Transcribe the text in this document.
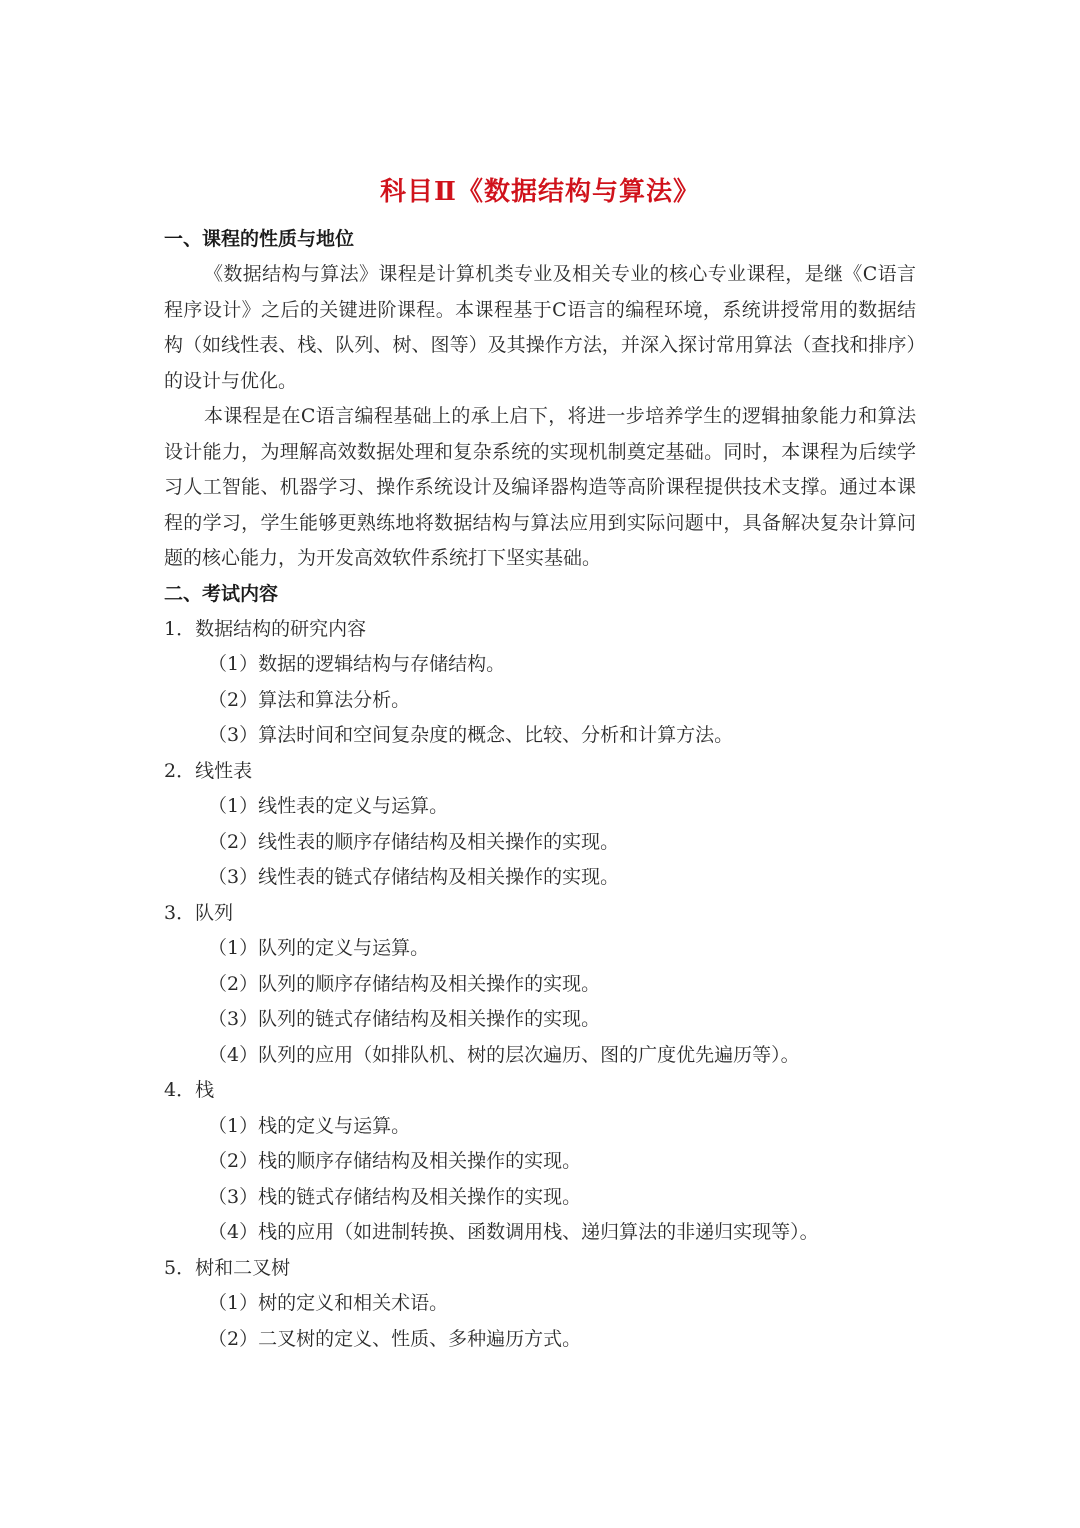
科目Ⅱ《数据结构与算法》
一、课程的性质与地位

《数据结构与算法》课程是计算机类专业及相关专业的核心专业课程，是继《C语言程序设计》之后的关键进阶课程。本课程基于C语言的编程环境，系统讲授常用的数据结构（如线性表、栈、队列、树、图等）及其操作方法，并深入探讨常用算法（查找和排序）的设计与优化。

本课程是在C语言编程基础上的承上启下，将进一步培养学生的逻辑抽象能力和算法设计能力，为理解高效数据处理和复杂系统的实现机制奠定基础。同时，本课程为后续学习人工智能、机器学习、操作系统设计及编译器构造等高阶课程提供技术支撑。通过本课程的学习，学生能够更熟练地将数据结构与算法应用到实际问题中，具备解决复杂计算问题的核心能力，为开发高效软件系统打下坚实基础。

二、考试内容
1．数据结构的研究内容
（1）数据的逻辑结构与存储结构。
（2）算法和算法分析。
（3）算法时间和空间复杂度的概念、比较、分析和计算方法。
2．线性表
（1）线性表的定义与运算。
（2）线性表的顺序存储结构及相关操作的实现。
（3）线性表的链式存储结构及相关操作的实现。
3．队列
（1）队列的定义与运算。
（2）队列的顺序存储结构及相关操作的实现。
（3）队列的链式存储结构及相关操作的实现。
（4）队列的应用（如排队机、树的层次遍历、图的广度优先遍历等）。
4．栈
（1）栈的定义与运算。
（2）栈的顺序存储结构及相关操作的实现。
（3）栈的链式存储结构及相关操作的实现。
（4）栈的应用（如进制转换、函数调用栈、递归算法的非递归实现等）。
5．树和二叉树
（1）树的定义和相关术语。
（2）二叉树的定义、性质、多种遍历方式。
